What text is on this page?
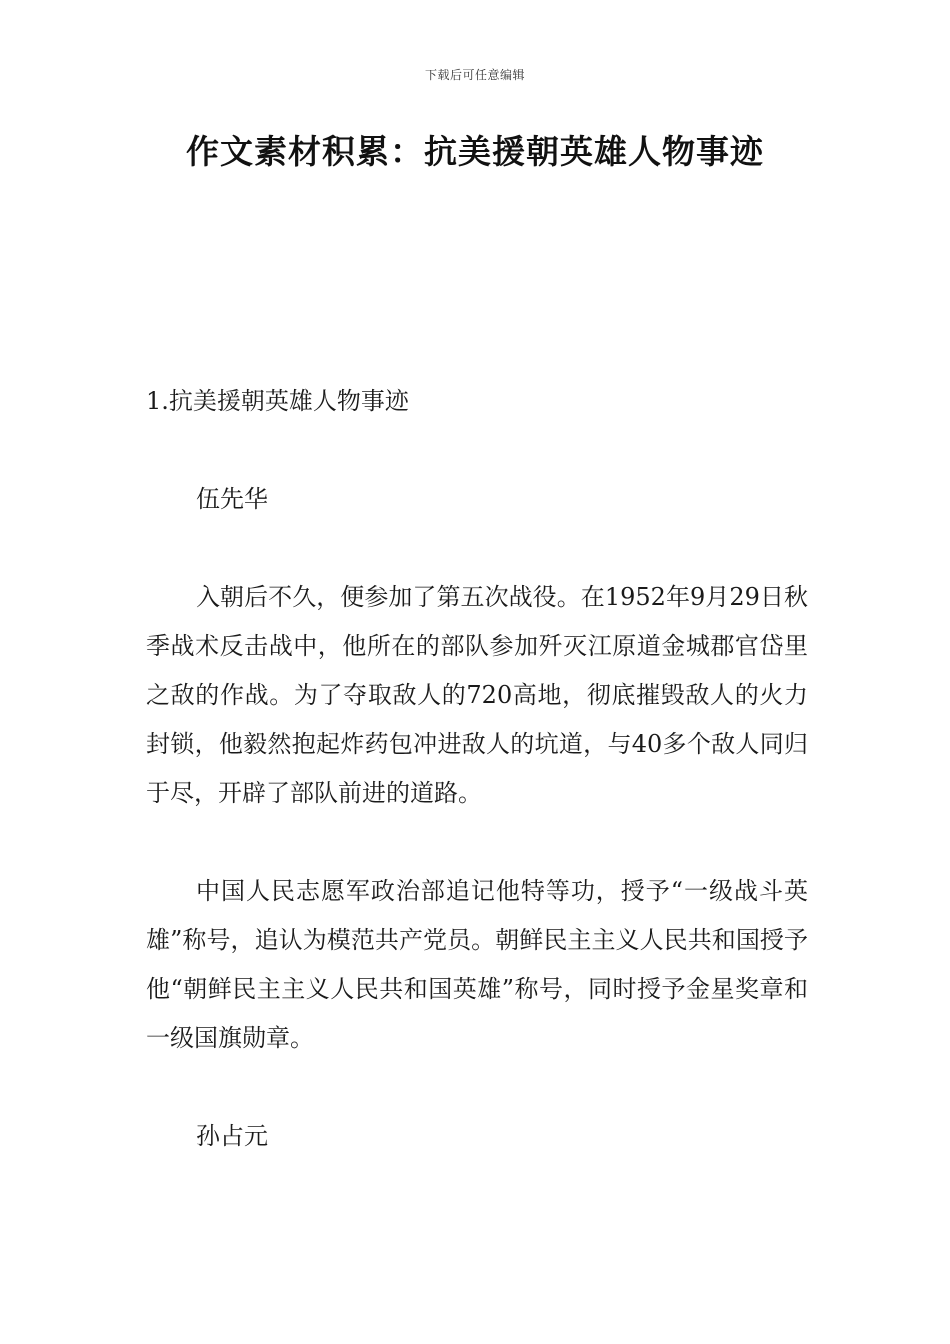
下载后可任意编辑
作文素材积累：抗美援朝英雄人物事迹
1.抗美援朝英雄人物事迹

伍先华

入朝后不久，便参加了第五次战役。在1952年9月29日秋季战术反击战中，他所在的部队参加歼灭江原道金城郡官岱里之敌的作战。为了夺取敌人的720高地，彻底摧毁敌人的火力封锁，他毅然抱起炸药包冲进敌人的坑道，与40多个敌人同归于尽，开辟了部队前进的道路。

中国人民志愿军政治部追记他特等功，授予“一级战斗英雄”称号，追认为模范共产党员。朝鲜民主主义人民共和国授予他“朝鲜民主主义人民共和国英雄”称号，同时授予金星奖章和一级国旗勋章。

孙占元
